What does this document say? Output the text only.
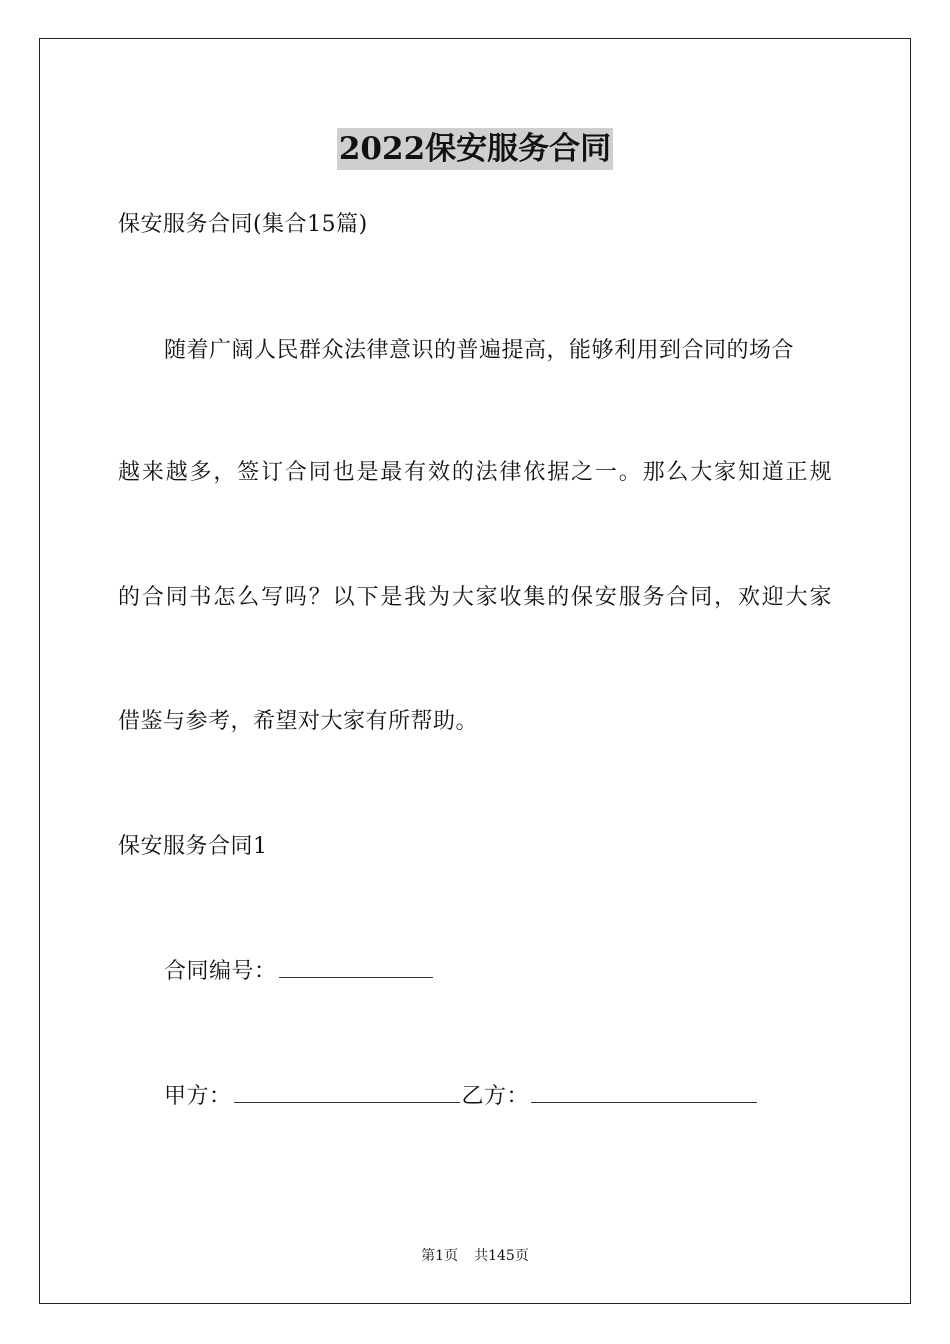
2022保安服务合同
保安服务合同(集合15篇)
随着广阔人民群众法律意识的普遍提高，能够利用到合同的场合
越来越多，签订合同也是最有效的法律依据之一。那么大家知道正规
的合同书怎么写吗？以下是我为大家收集的保安服务合同，欢迎大家
借鉴与参考，希望对大家有所帮助。
保安服务合同1
合同编号：
甲方：	乙方：
第1页 共145页
